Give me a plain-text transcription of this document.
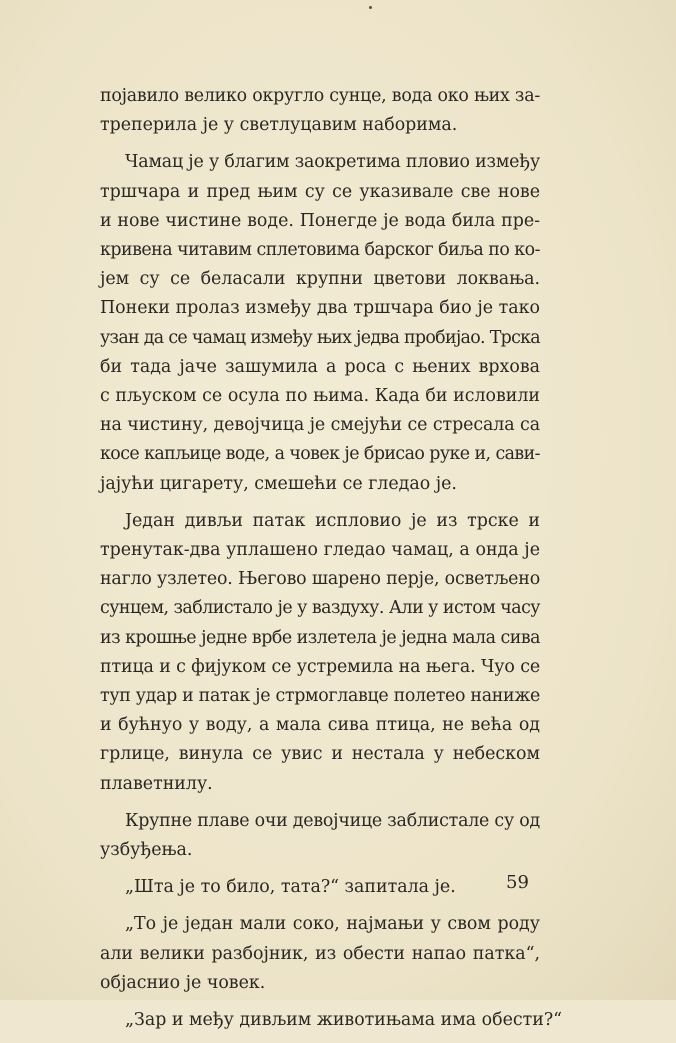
појавило велико округло сунце, вода око њих за-
треперила је у светлуцавим наборима.
Чамац је у благим заокретима пловио између
тршчара и пред њим су се указивале све нове
и нове чистине воде. Понегде је вода била пре-
кривена читавим сплетовима барског биља по ко-
јем су се беласали крупни цветови локвања.
Понеки пролаз између два тршчара био је тако
узан да се чамац између њих једва пробијао. Трска
би тада јаче зашумила а роса с њених врхова
с пљуском се осула по њима. Када би исловили
на чистину, девојчица је смејући се стресала са
косе капљице воде, а човек је брисао руке и, сави-
јајући цигарету, смешећи се гледао је.
Један дивљи патак испловио је из трске и
тренутак-два уплашено гледао чамац, а онда је
нагло узлетео. Његово шарено перје, осветљено
сунцем, заблистало је у ваздуху. Али у истом часу
из крошње једне врбе излетела је једна мала сива
птица и с фијуком се устремила на њега. Чуо се
туп удар и патак је стрмоглавце полетео наниже
и бућнуо у воду, а мала сива птица, не већа од
грлице, винула се увис и нестала у небеском
плаветнилу.
Крупне плаве очи девојчице заблистале су од
узбуђења.
„Шта је то било, тата?“ запитала је.
„То је један мали соко, најмањи у свом роду
али велики разбојник, из обести напао патка“,
објаснио је човек.
„Зар и међу дивљим животињама има обести?“
59
